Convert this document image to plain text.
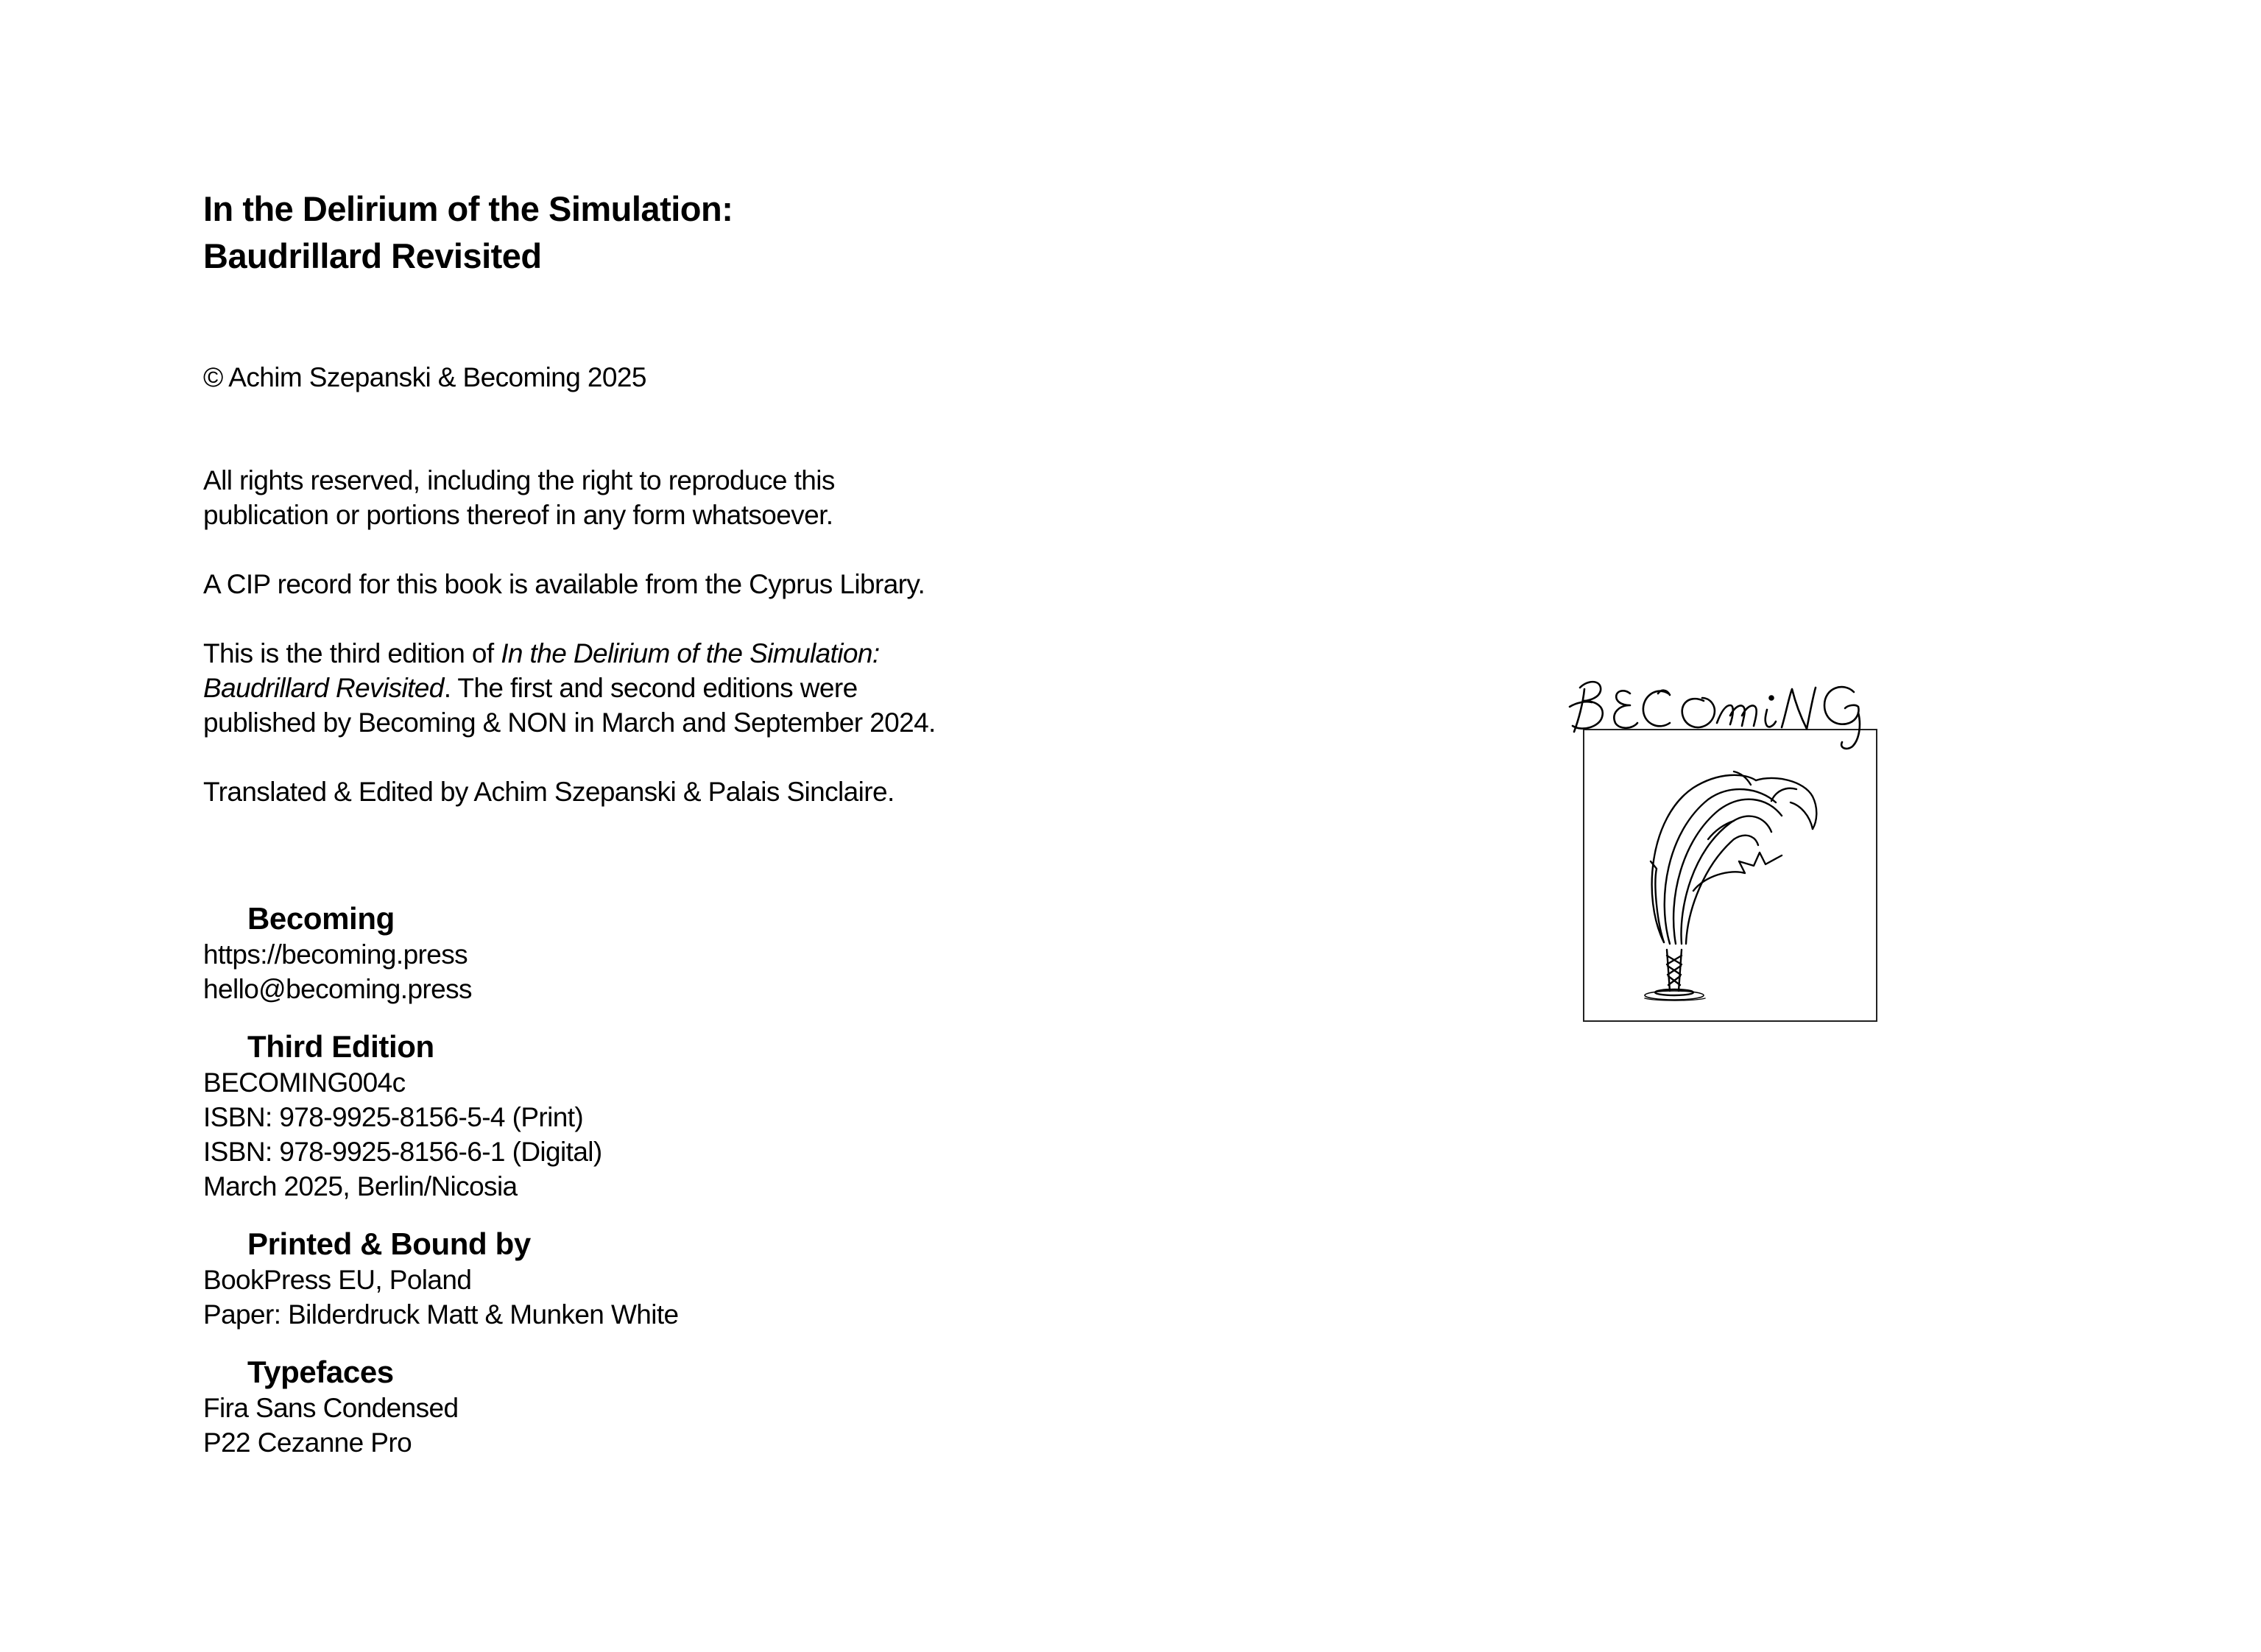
In the Delirium of the Simulation:
Baudrillard Revisited
© Achim Szepanski & Becoming 2025

All rights reserved, including the right to reproduce this

publication or portions thereof in any form whatsoever.

A CIP record for this book is available from the Cyprus Library.

This is the third edition of In the Delirium of the Simulation:

Baudrillard Revisited. The first and second editions were

published by Becoming & NON in March and September 2024.

Translated & Edited by Achim Szepanski & Palais Sinclaire.

Becoming

https://becoming.press

hello@becoming.press

Third Edition

BECOMING004c

ISBN: 978-9925-8156-5-4 (Print)

ISBN: 978-9925-8156-6-1 (Digital)

March 2025, Berlin/Nicosia

Printed & Bound by

BookPress EU, Poland

Paper: Bilderdruck Matt & Munken White

Typefaces

Fira Sans Condensed

P22 Cezanne Pro
